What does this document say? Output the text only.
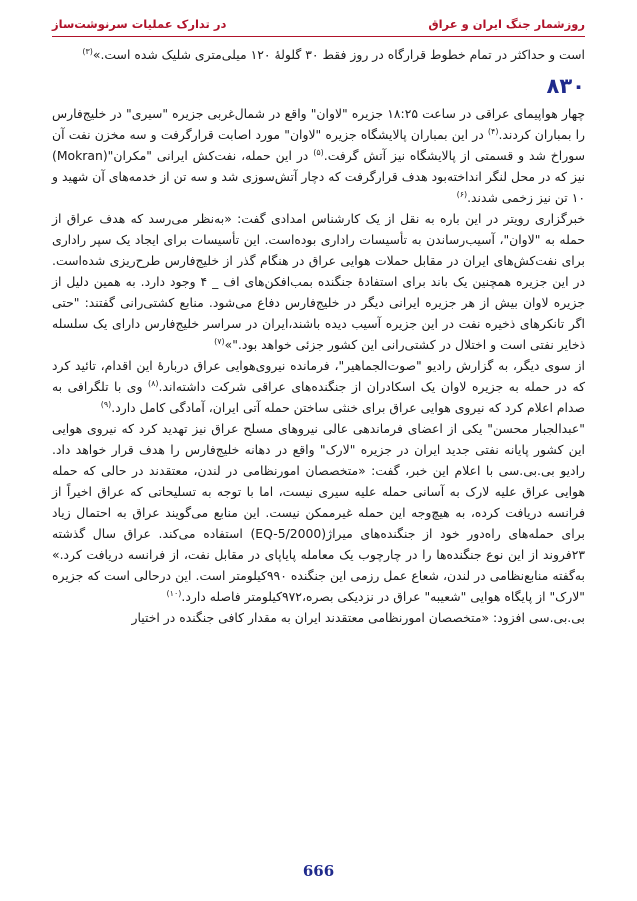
روزشمار جنگ ایران و عراق
در تدارک عملیات سرنوشت‌ساز

است و حداکثر در تمام خطوط قرارگاه در روز فقط ۳۰ گلولۀ ۱۲۰ میلی‌متری شلیک شده است.»$^{(۳)}$

۸۳۰

چهار هواپیمای عراقی در ساعت ۱۸:۲۵ جزیره "لاوان" واقع در شمال‌غربی جزیره "سیری" در خلیج‌فارس را بمباران کردند.$^{(۴)}$ در این بمباران پالایشگاه جزیره "لاوان" مورد اصابت قرارگرفت و سه مخزن نفت آن سوراخ شد و قسمتی از پالایشگاه نیز آتش گرفت.$^{(۵)}$ در این حمله، نفت‌کش ایرانی "مکران"(Mokran) نیز که در محل لنگر انداخته‌بود هدف قرارگرفت که دچار آتش‌سوزی شد و سه تن از خدمه‌های آن شهید و ۱۰ تن نیز زخمی شدند.$^{(۶)}$

خبرگزاری رویتر در این باره به نقل از یک کارشناس امدادی گفت: «به‌نظر می‌رسد که هدف عراق از حمله به "لاوان"، آسیب‌رساندن به تأسیسات راداری بوده‌است. این تأسیسات برای ایجاد یک سپر راداری برای نفت‌کش‌های ایران در مقابل حملات هوایی عراق در هنگام گذر از خلیج‌فارس طرح‌ریزی شده‌است. در این جزیره همچنین یک باند برای استفادۀ جنگنده بمب‌افکن‌های اف _ ۴ وجود دارد. به همین دلیل از جزیره لاوان بیش از هر جزیره ایرانی دیگر در خلیج‌فارس دفاع می‌شود. منابع کشتی‌رانی گفتند: "حتی اگر تانکرهای ذخیره نفت در این جزیره آسیب دیده باشند،ایران در سراسر خلیج‌فارس دارای یک سلسله ذخایر نفتی است و اختلال در کشتی‌رانی این کشور جزئی خواهد بود."»$^{(۷)}$

از سوی دیگر، به گزارش رادیو "صوت‌الجماهیر"، فرمانده نیروی‌هوایی عراق دربارۀ این اقدام، تائید کرد که در حمله به جزیره لاوان یک اسکادران از جنگنده‌های عراقی شرکت داشته‌اند.$^{(۸)}$ وی با تلگرافی به صدام اعلام کرد که نیروی هوایی عراق برای خنثی ساختن حمله آتی ایران، آمادگی کامل دارد.$^{(۹)}$

"عبدالجبار محسن" یکی از اعضای فرماندهی عالی نیروهای مسلح عراق نیز تهدید کرد که نیروی هوایی این کشور پایانه نفتی جدید ایران در جزیره "لارک" واقع در دهانه خلیج‌فارس را هدف قرار خواهد داد. رادیو بی.بی.سی با اعلام این خبر، گفت: «متخصصان امورنظامی در لندن، معتقدند در حالی که حمله هوایی عراق علیه لارک به آسانی حمله علیه سیری نیست، اما با توجه به تسلیحاتی که عراق اخیراً از فرانسه دریافت کرده، به هیچ‌وجه این حمله غیرممکن نیست. این منابع می‌گویند عراق به احتمال زیاد برای حمله‌های راه‌دور خود از جنگنده‌های میراژ(EQ-5/2000) استفاده می‌کند. عراق سال گذشته ۲۳فروند از این نوع جنگنده‌ها را در چارچوب یک معامله پایاپای در مقابل نفت، از فرانسه دریافت کرد.» به‌گفته منابع‌نظامی در لندن، شعاع عمل رزمی این جنگنده ۹۹۰کیلومتر است. این درحالی است که جزیره "لارک" از پایگاه هوایی "شعیبه" عراق در نزدیکی بصره،۹۷۲کیلومتر فاصله دارد.$^{(۱۰)}$

بی.بی.سی افزود: «متخصصان امورنظامی معتقدند ایران به مقدار کافی جنگنده در اختیار

666
